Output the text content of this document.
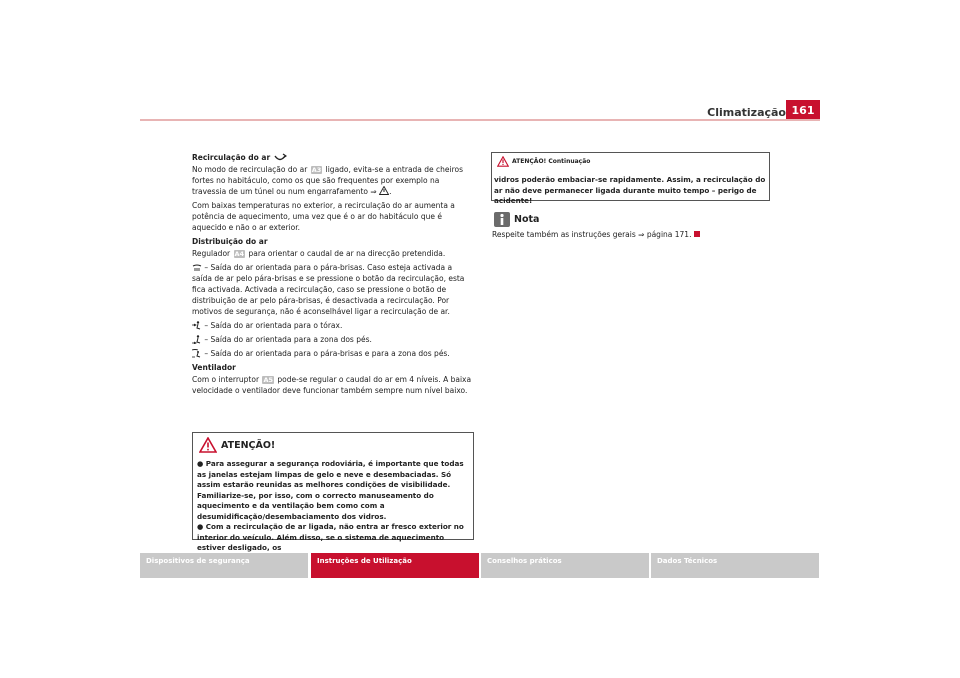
Climatização 161

Recirculação do ar

No modo de recirculação do ar A3 ligado, evita-se a entrada de cheiros fortes no habitáculo, como os que são frequentes por exemplo na travessia de um túnel ou num engarrafamento ⇒ .

Com baixas temperaturas no exterior, a recirculação do ar aumenta a potência de aquecimento, uma vez que é o ar do habitáculo que é aquecido e não o ar exterior.

Distribuição do ar

Regulador A4 para orientar o caudal de ar na direcção pretendida.

– Saída do ar orientada para o pára-brisas. Caso esteja activada a saída de ar pelo pára-brisas e se pressione o botão da recirculação, esta fica activada. Activada a recirculação, caso se pressione o botão de distribuição de ar pelo pára-brisas, é desactivada a recirculação. Por motivos de segurança, não é aconselhável ligar a recirculação de ar.

– Saída do ar orientada para o tórax.

– Saída do ar orientada para a zona dos pés.

– Saída do ar orientada para o pára-brisas e para a zona dos pés.

Ventilador

Com o interruptor A5 pode-se regular o caudal do ar em 4 níveis. A baixa velocidade o ventilador deve funcionar também sempre num nível baixo.

ATENÇÃO!
● Para assegurar a segurança rodoviária, é importante que todas as janelas estejam limpas de gelo e neve e desembaciadas. Só assim estarão reunidas as melhores condições de visibilidade. Familiarize-se, por isso, com o correcto manuseamento do aquecimento e da ventilação bem como com a desumidificação/desembaciamento dos vidros.
● Com a recirculação de ar ligada, não entra ar fresco exterior no interior do veículo. Além disso, se o sistema de aquecimento estiver desligado, os
ATENÇÃO! Continuação
vidros poderão embaciar-se rapidamente. Assim, a recirculação do ar não deve permanecer ligada durante muito tempo – perigo de acidente!
Nota
Respeite também as instruções gerais ⇒ página 171.
Dispositivos de segurança	Instruções de Utilização	Conselhos práticos	Dados Técnicos
